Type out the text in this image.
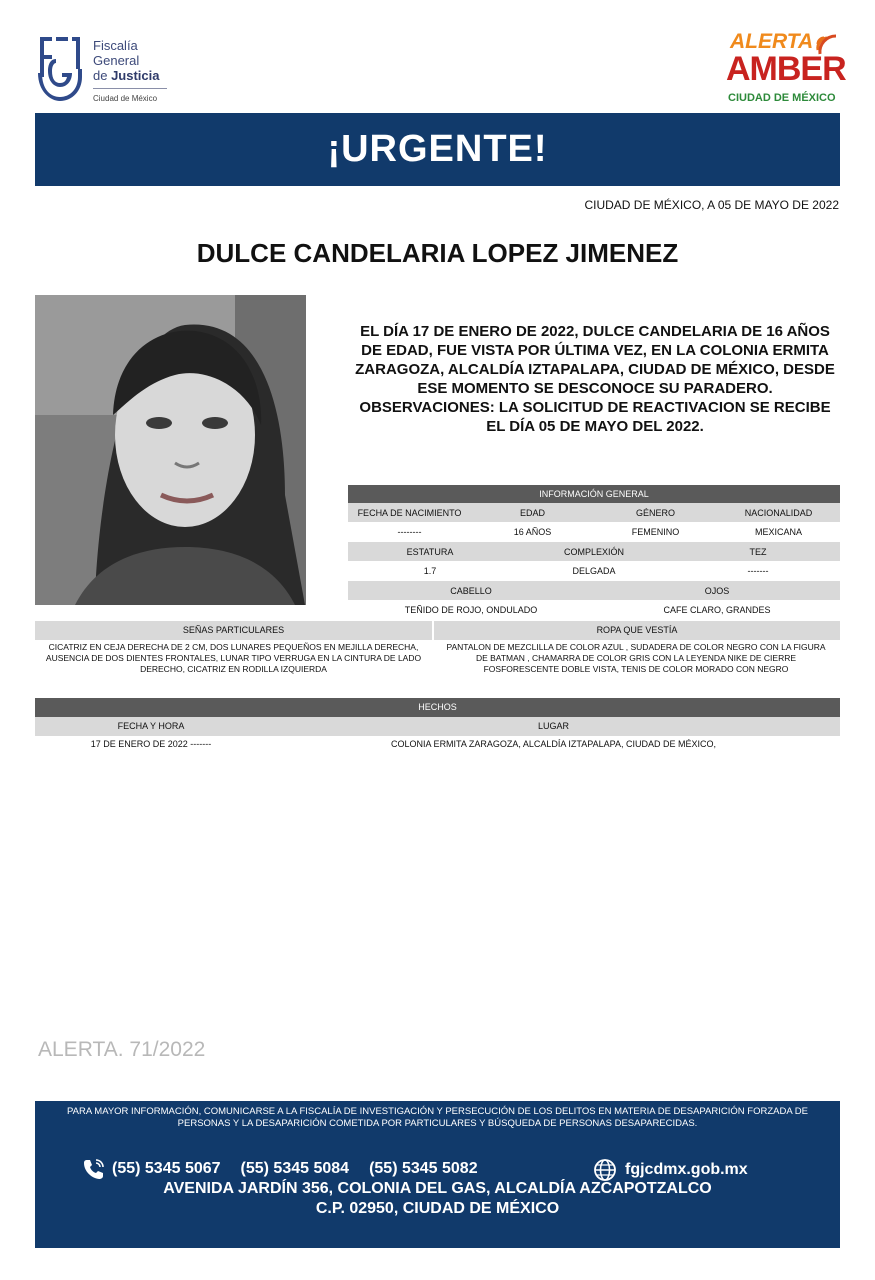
Fiscalía
General
de Justicia
Ciudad de México
ALERTA
AMBER
CIUDAD DE MÉXICO
¡URGENTE!
CIUDAD DE MÉXICO, A 05 DE MAYO DE 2022
DULCE CANDELARIA LOPEZ JIMENEZ
EL DÍA 17 DE ENERO DE 2022, DULCE CANDELARIA DE 16 AÑOS DE EDAD, FUE VISTA POR ÚLTIMA VEZ, EN LA COLONIA ERMITA ZARAGOZA, ALCALDÍA IZTAPALAPA, CIUDAD DE MÉXICO, DESDE ESE MOMENTO SE DESCONOCE SU PARADERO. OBSERVACIONES: LA SOLICITUD DE REACTIVACION SE RECIBE EL DÍA 05 DE MAYO DEL 2022.
INFORMACIÓN GENERAL
FECHA DE NACIMIENTO	EDAD	GÉNERO	NACIONALIDAD
--------	16 AÑOS	FEMENINO	MEXICANA
ESTATURA	COMPLEXIÓN	TEZ
1.7	DELGADA	-------
CABELLO	OJOS
TEÑIDO DE ROJO, ONDULADO	CAFE CLARO, GRANDES
SEÑAS PARTICULARES	ROPA QUE VESTÍA
CICATRIZ EN CEJA DERECHA DE 2 CM, DOS LUNARES PEQUEÑOS EN MEJILLA DERECHA, AUSENCIA DE DOS DIENTES FRONTALES, LUNAR TIPO VERRUGA EN LA CINTURA DE LADO DERECHO, CICATRIZ EN RODILLA IZQUIERDA
PANTALON DE MEZCLILLA DE COLOR AZUL , SUDADERA DE COLOR NEGRO CON LA FIGURA DE BATMAN , CHAMARRA DE COLOR GRIS CON LA LEYENDA NIKE DE CIERRE FOSFORESCENTE DOBLE VISTA, TENIS DE COLOR MORADO CON NEGRO
HECHOS
FECHA Y HORA	LUGAR
17 DE ENERO DE 2022 -------	COLONIA ERMITA ZARAGOZA, ALCALDÍA IZTAPALAPA, CIUDAD DE MÉXICO,
ALERTA. 71/2022
PARA MAYOR INFORMACIÓN, COMUNICARSE A LA FISCALÍA DE INVESTIGACIÓN Y PERSECUCIÓN DE LOS DELITOS EN MATERIA DE DESAPARICIÓN FORZADA DE PERSONAS Y LA DESAPARICIÓN COMETIDA POR PARTICULARES Y BÚSQUEDA DE PERSONAS DESAPARECIDAS.
(55) 5345 5067 (55) 5345 5084 (55) 5345 5082	fgjcdmx.gob.mx
AVENIDA JARDÍN 356, COLONIA DEL GAS, ALCALDÍA AZCAPOTZALCO
C.P. 02950, CIUDAD DE MÉXICO
